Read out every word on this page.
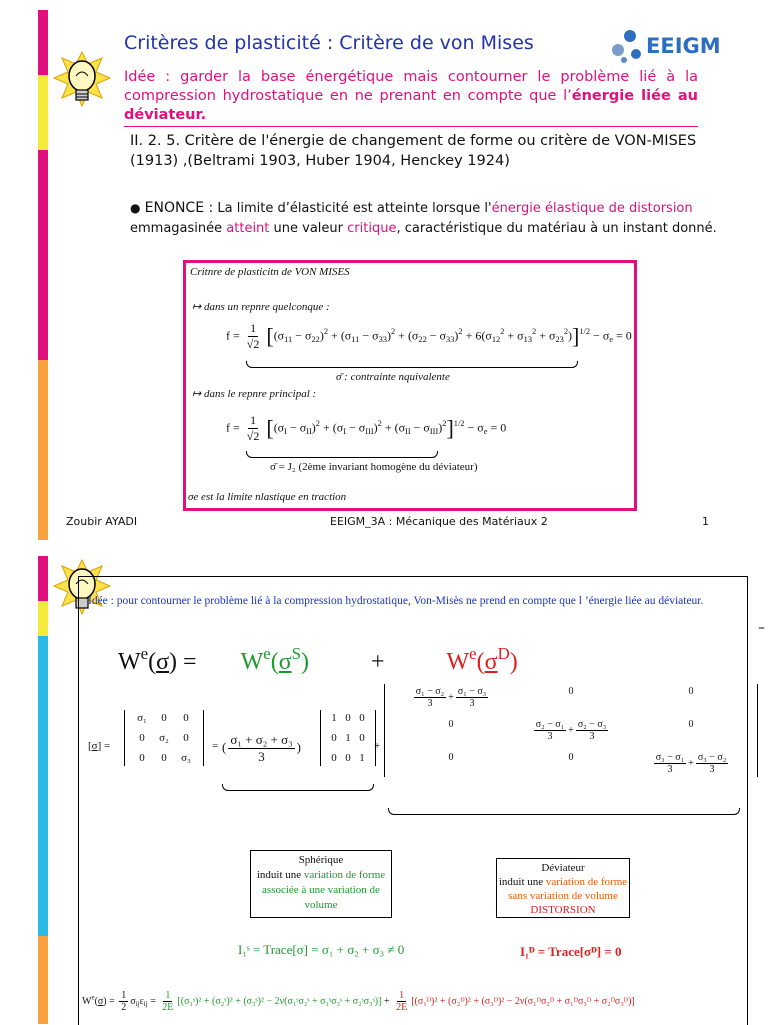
Critères de plasticité : Critère de von Mises	EEIGM
Idée : garder la base énergétique mais contourner le problème lié à la compression hydrostatique en ne prenant en compte que l’énergie liée au déviateur.
II. 2. 5. Critère de l'énergie de changement de forme ou critère de VON-MISES (1913) ,(Beltrami 1903, Huber 1904, Henckey 1924)
● ENONCE : La limite d’élasticité est atteinte lorsque l'énergie élastique de distorsion emmagasinée atteint une valeur critique, caractéristique du matériau à un instant donné.
Critnre de plasticitn de VON MISES
↦ dans un repnre quelconque :
$f = \frac{1}{√2} [(\sigma_{11} - \sigma_{22})^2 + (\sigma_{11} - \sigma_{33})^2 + (\sigma_{22} - \sigma_{33})^2 + 6(\sigma_{12}^2 + \sigma_{13}^2 + \sigma_{23}^2)]^{1/2} - \sigma_e = 0$
σ̄ : contrainte nquivalente
↦ dans le repnre principal :
$f = \frac{1}{√2} [(\sigma_I - \sigma_{II})^2 + (\sigma_I - \sigma_{III})^2 + (\sigma_{II} - \sigma_{III})^2]^{1/2} - \sigma_e = 0$
σ̄ = J₂ (2ème invariant homogène du déviateur)
σe est la limite nlastique en traction
Zoubir AYADI	EEIGM_3A : Mécanique des Matériaux 2	1
Idée : pour contourner le problème lié à la compression hydrostatique, Von-Misès ne prend en compte que l ’énergie liée au déviateur.
–
$W^e(\sigma) = W^e(\sigma^S)$	+	$W^e(\sigma^D)$
[σ] =
σ₁	0	0
0	σ₂	0
0	0	σ₃
= ( $\frac{\text{σ₁ + σ₂ + σ₃}}{3}$ )
1 0 0
0 1 0
0 0 1
+
$\frac{\text{σ₁ − σ₂}}{3} + \frac{\text{σ₁ − σ₃}}{3}$	0	0
0	$\frac{\text{σ₂ − σ₁}}{3} + \frac{\text{σ₂ − σ₃}}{3}$	0
0	0	$\frac{\text{σ₃ − σ₁}}{3} + \frac{\text{σ₃ − σ₂}}{3}$
Sphérique
induit une variation de forme associée à une variation de volume
Déviateur
induit une variation de forme sans variation de volume
DISTORSION
I₁ˢ = Trace[σ] = σ₁ + σ₂ + σ₃ ≠ 0	I₁ᴰ = Trace[σᴰ] = 0
$W^e(\sigma) = \frac{1}{2} \sigma_{ij}\varepsilon_{ij} = \frac{1}{2E}$ [(σ₁ˢ)² + (σ₂ˢ)² + (σ₃ˢ)² − 2ν(σ₁ˢσ₂ˢ + σ₁ˢσ₃ˢ + σ₂ˢσ₃ˢ)] + $\frac{1}{2E}$ [(σ₁ᴰ)² + (σ₂ᴰ)² + (σ₃ᴰ)² − 2ν(σ₁ᴰσ₂ᴰ + σ₁ᴰσ₃ᴰ + σ₂ᴰσ₃ᴰ)]
